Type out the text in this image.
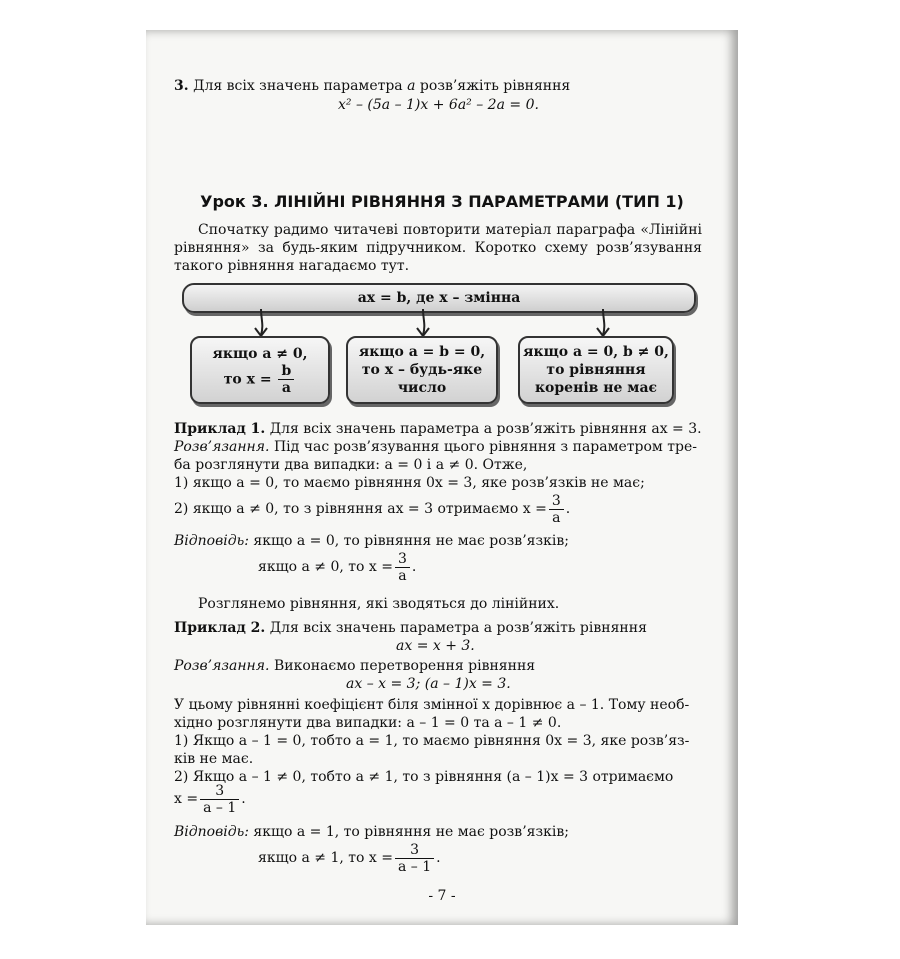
3. Для всіх значень параметра a розв’яжіть рівняння
x² – (5a – 1)x + 6a² – 2a = 0.
Урок 3. ЛІНІЙНІ РІВНЯННЯ З ПАРАМЕТРАМИ (ТИП 1)
Спочатку радимо читачеві повторити матеріал параграфа «Лінійні рівняння» за будь-яким підручником. Коротко схему розв’язування такого рівняння нагадаємо тут.
ax = b, де x – змінна
якщо a ≠ 0,
то $x = \frac{b}{a}$
якщо a = b = 0,
то x – будь-яке
число
якщо a = 0, b ≠ 0,
то рівняння
коренів не має
Приклад 1. Для всіх значень параметра a розв’яжіть рівняння ax = 3.
Розв’язання. Під час розв’язування цього рівняння з параметром тре-
ба розглянути два випадки: a = 0 і a ≠ 0. Отже,
1) якщо a = 0, то маємо рівняння 0x = 3, яке розв’язків не має;
2) якщо a ≠ 0, то з рівняння ax = 3 отримаємо $x = \frac{3}{a}$ .
Відповідь: якщо a = 0, то рівняння не має розв’язків;
якщо a ≠ 0, то $x = \frac{3}{a}$ .
Розглянемо рівняння, які зводяться до лінійних.
Приклад 2. Для всіх значень параметра a розв’яжіть рівняння
ax = x + 3.
Розв’язання. Виконаємо перетворення рівняння
ax – x = 3; (a – 1)x = 3.
У цьому рівнянні коефіцієнт біля змінної x дорівнює a – 1. Тому необ-
хідно розглянути два випадки: a – 1 = 0 та a – 1 ≠ 0.
1) Якщо a – 1 = 0, тобто a = 1, то маємо рівняння 0x = 3, яке розв’яз-
ків не має.
2) Якщо a – 1 ≠ 0, тобто a ≠ 1, то з рівняння (a – 1)x = 3 отримаємо
$x = \frac{3}{a - 1}$ .
Відповідь: якщо a = 1, то рівняння не має розв’язків;
якщо a ≠ 1, то $x = \frac{3}{a - 1}$ .
- 7 -
